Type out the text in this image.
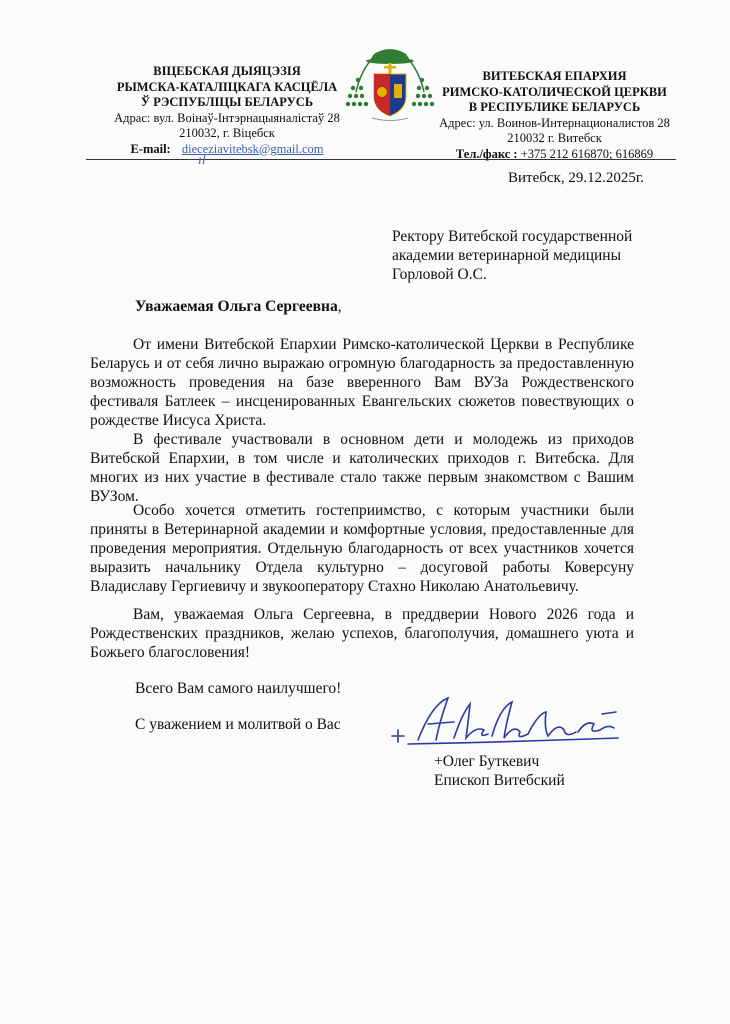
ВІЦЕБСКАЯ ДЫЯЦЭЗІЯ
РЫМСКА-КАТАЛІЦКАГА КАСЦЁЛА
Ў РЭСПУБЛІЦЫ БЕЛАРУСЬ
Адрас: вул. Воінаў-Інтэрнацыяналістаў 28
210032, г. Віцебск
E-mail: dieceziavitebsk@gmail.com
ВИТЕБСКАЯ ЕПАРХИЯ
РИМСКО-КАТОЛИЧЕСКОЙ ЦЕРКВИ
В РЕСПУБЛИКЕ БЕЛАРУСЬ
Адрес: ул. Воинов-Интернационалистов 28
210032 г. Витебск
Тел./факс : +375 212 616870; 616869
ıl
Витебск, 29.12.2025г.
Ректору Витебской государственной
академии ветеринарной медицины
Горловой О.С.
Уважаемая Ольга Сергеевна,

От имени Витебской Епархии Римско-католической Церкви в Республике Беларусь и от себя лично выражаю огромную благодарность за предоставленную возможность проведения на базе вверенного Вам ВУЗа Рождественского фестиваля Батлеек – инсценированных Евангельских сюжетов повествующих о рождестве Иисуса Христа.

В фестивале участвовали в основном дети и молодежь из приходов Витебской Епархии, в том числе и католических приходов г. Витебска. Для многих из них участие в фестивале стало также первым знакомством с Вашим ВУЗом.

Особо хочется отметить гостеприимство, с которым участники были приняты в Ветеринарной академии и комфортные условия, предоставленные для проведения мероприятия. Отдельную благодарность от всех участников хочется выразить начальнику Отдела культурно – досуговой работы Коверсуну Владиславу Гергиевичу и звукооператору Стахно Николаю Анатольевичу.

Вам, уважаемая Ольга Сергеевна, в преддверии Нового 2026 года и Рождественских праздников, желаю успехов, благополучия, домашнего уюта и Божьего благословения!

Всего Вам самого наилучшего!
С уважением и молитвой о Вас
+Олег Буткевич
Епископ Витебский
